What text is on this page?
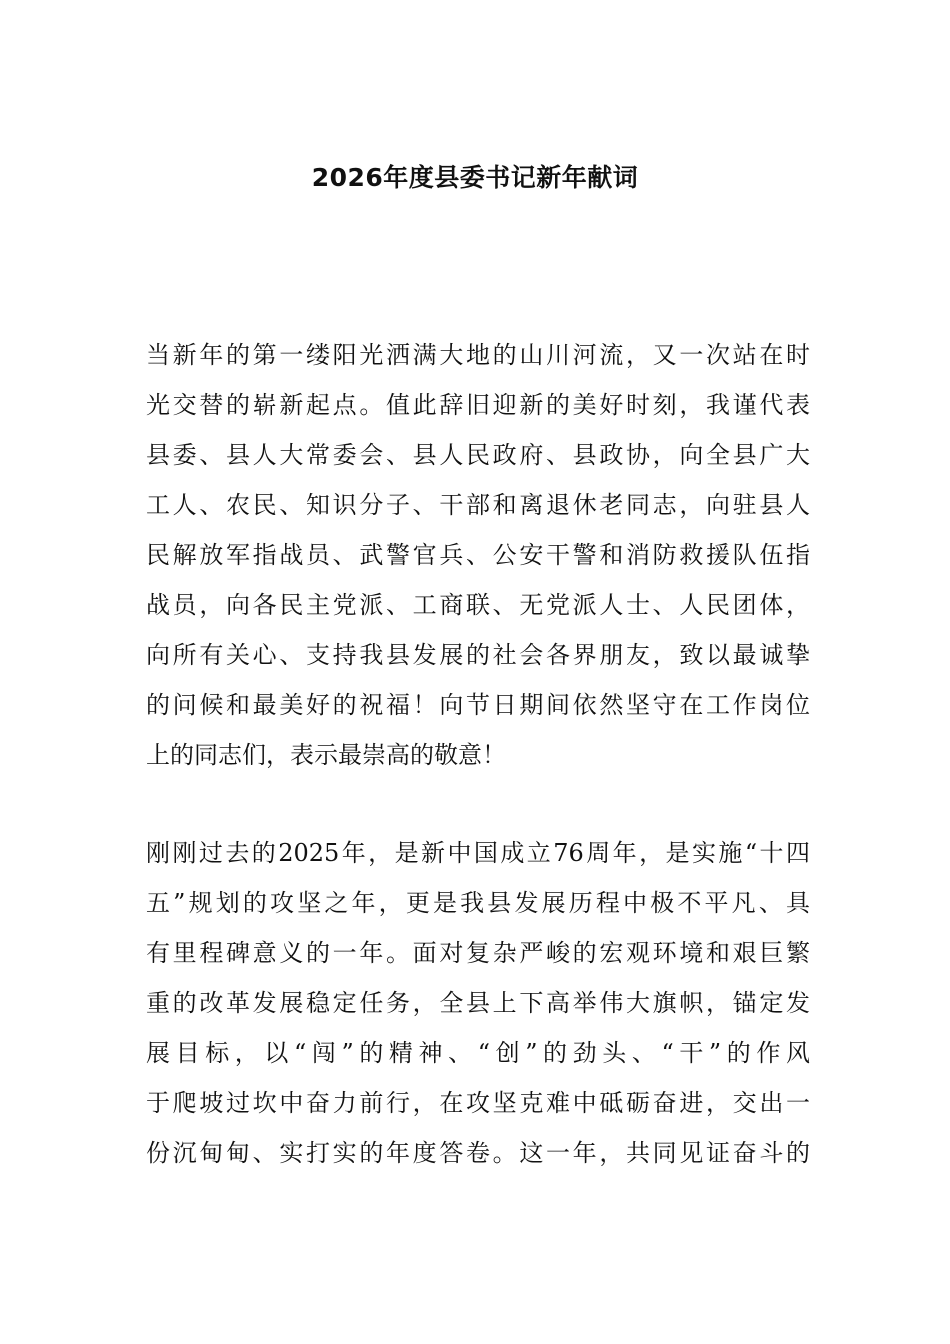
2026年度县委书记新年献词
当新年的第一缕阳光洒满大地的山川河流，又一次站在时
光交替的崭新起点。值此辞旧迎新的美好时刻，我谨代表
县委、县人大常委会、县人民政府、县政协，向全县广大
工人、农民、知识分子、干部和离退休老同志，向驻县人
民解放军指战员、武警官兵、公安干警和消防救援队伍指
战员，向各民主党派、工商联、无党派人士、人民团体，
向所有关心、支持我县发展的社会各界朋友，致以最诚挚
的问候和最美好的祝福！向节日期间依然坚守在工作岗位
上的同志们，表示最崇高的敬意！
刚刚过去的2025年，是新中国成立76周年，是实施“十四
五”规划的攻坚之年，更是我县发展历程中极不平凡、具
有里程碑意义的一年。面对复杂严峻的宏观环境和艰巨繁
重的改革发展稳定任务，全县上下高举伟大旗帜，锚定发
展目标，以“闯”的精神、“创”的劲头、“干”的作风
于爬坡过坎中奋力前行，在攻坚克难中砥砺奋进，交出一
份沉甸甸、实打实的年度答卷。这一年，共同见证奋斗的
